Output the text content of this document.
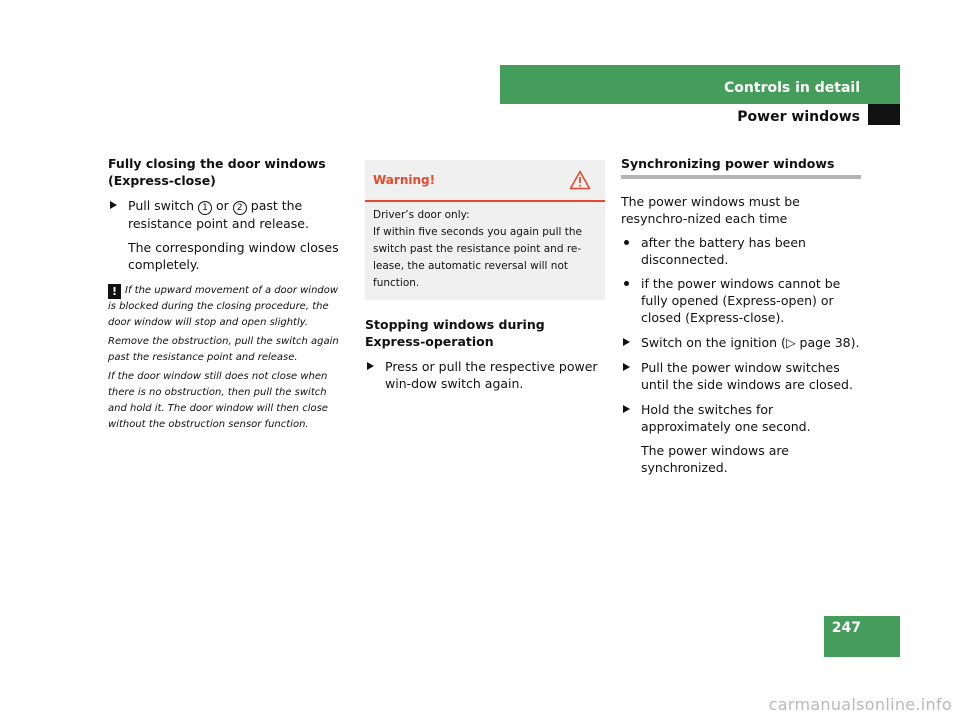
Controls in detail
Power windows
Fully closing the door windows (Express-close)
Pull switch 1 or 2 past the resistance point and release.
The corresponding window closes completely.

! If the upward movement of a door window is blocked during the closing procedure, the door window will stop and open slightly.

Remove the obstruction, pull the switch again past the resistance point and release.

If the door window still does not close when there is no obstruction, then pull the switch and hold it. The door window will then close without the obstruction sensor function.

Warning!

Driver’s door only:

If within five seconds you again pull the switch past the resistance point and re-lease, the automatic reversal will not function.

Stopping windows during Express-operation
Press or pull the respective power win-dow switch again.
Synchronizing power windows
The power windows must be resynchro-nized each time
after the battery has been disconnected.
if the power windows cannot be fully opened (Express-open) or closed (Express-close).
Switch on the ignition (▷ page 38).
Pull the power window switches until the side windows are closed.
Hold the switches for approximately one second.
The power windows are synchronized.
247
carmanualsonline.info
